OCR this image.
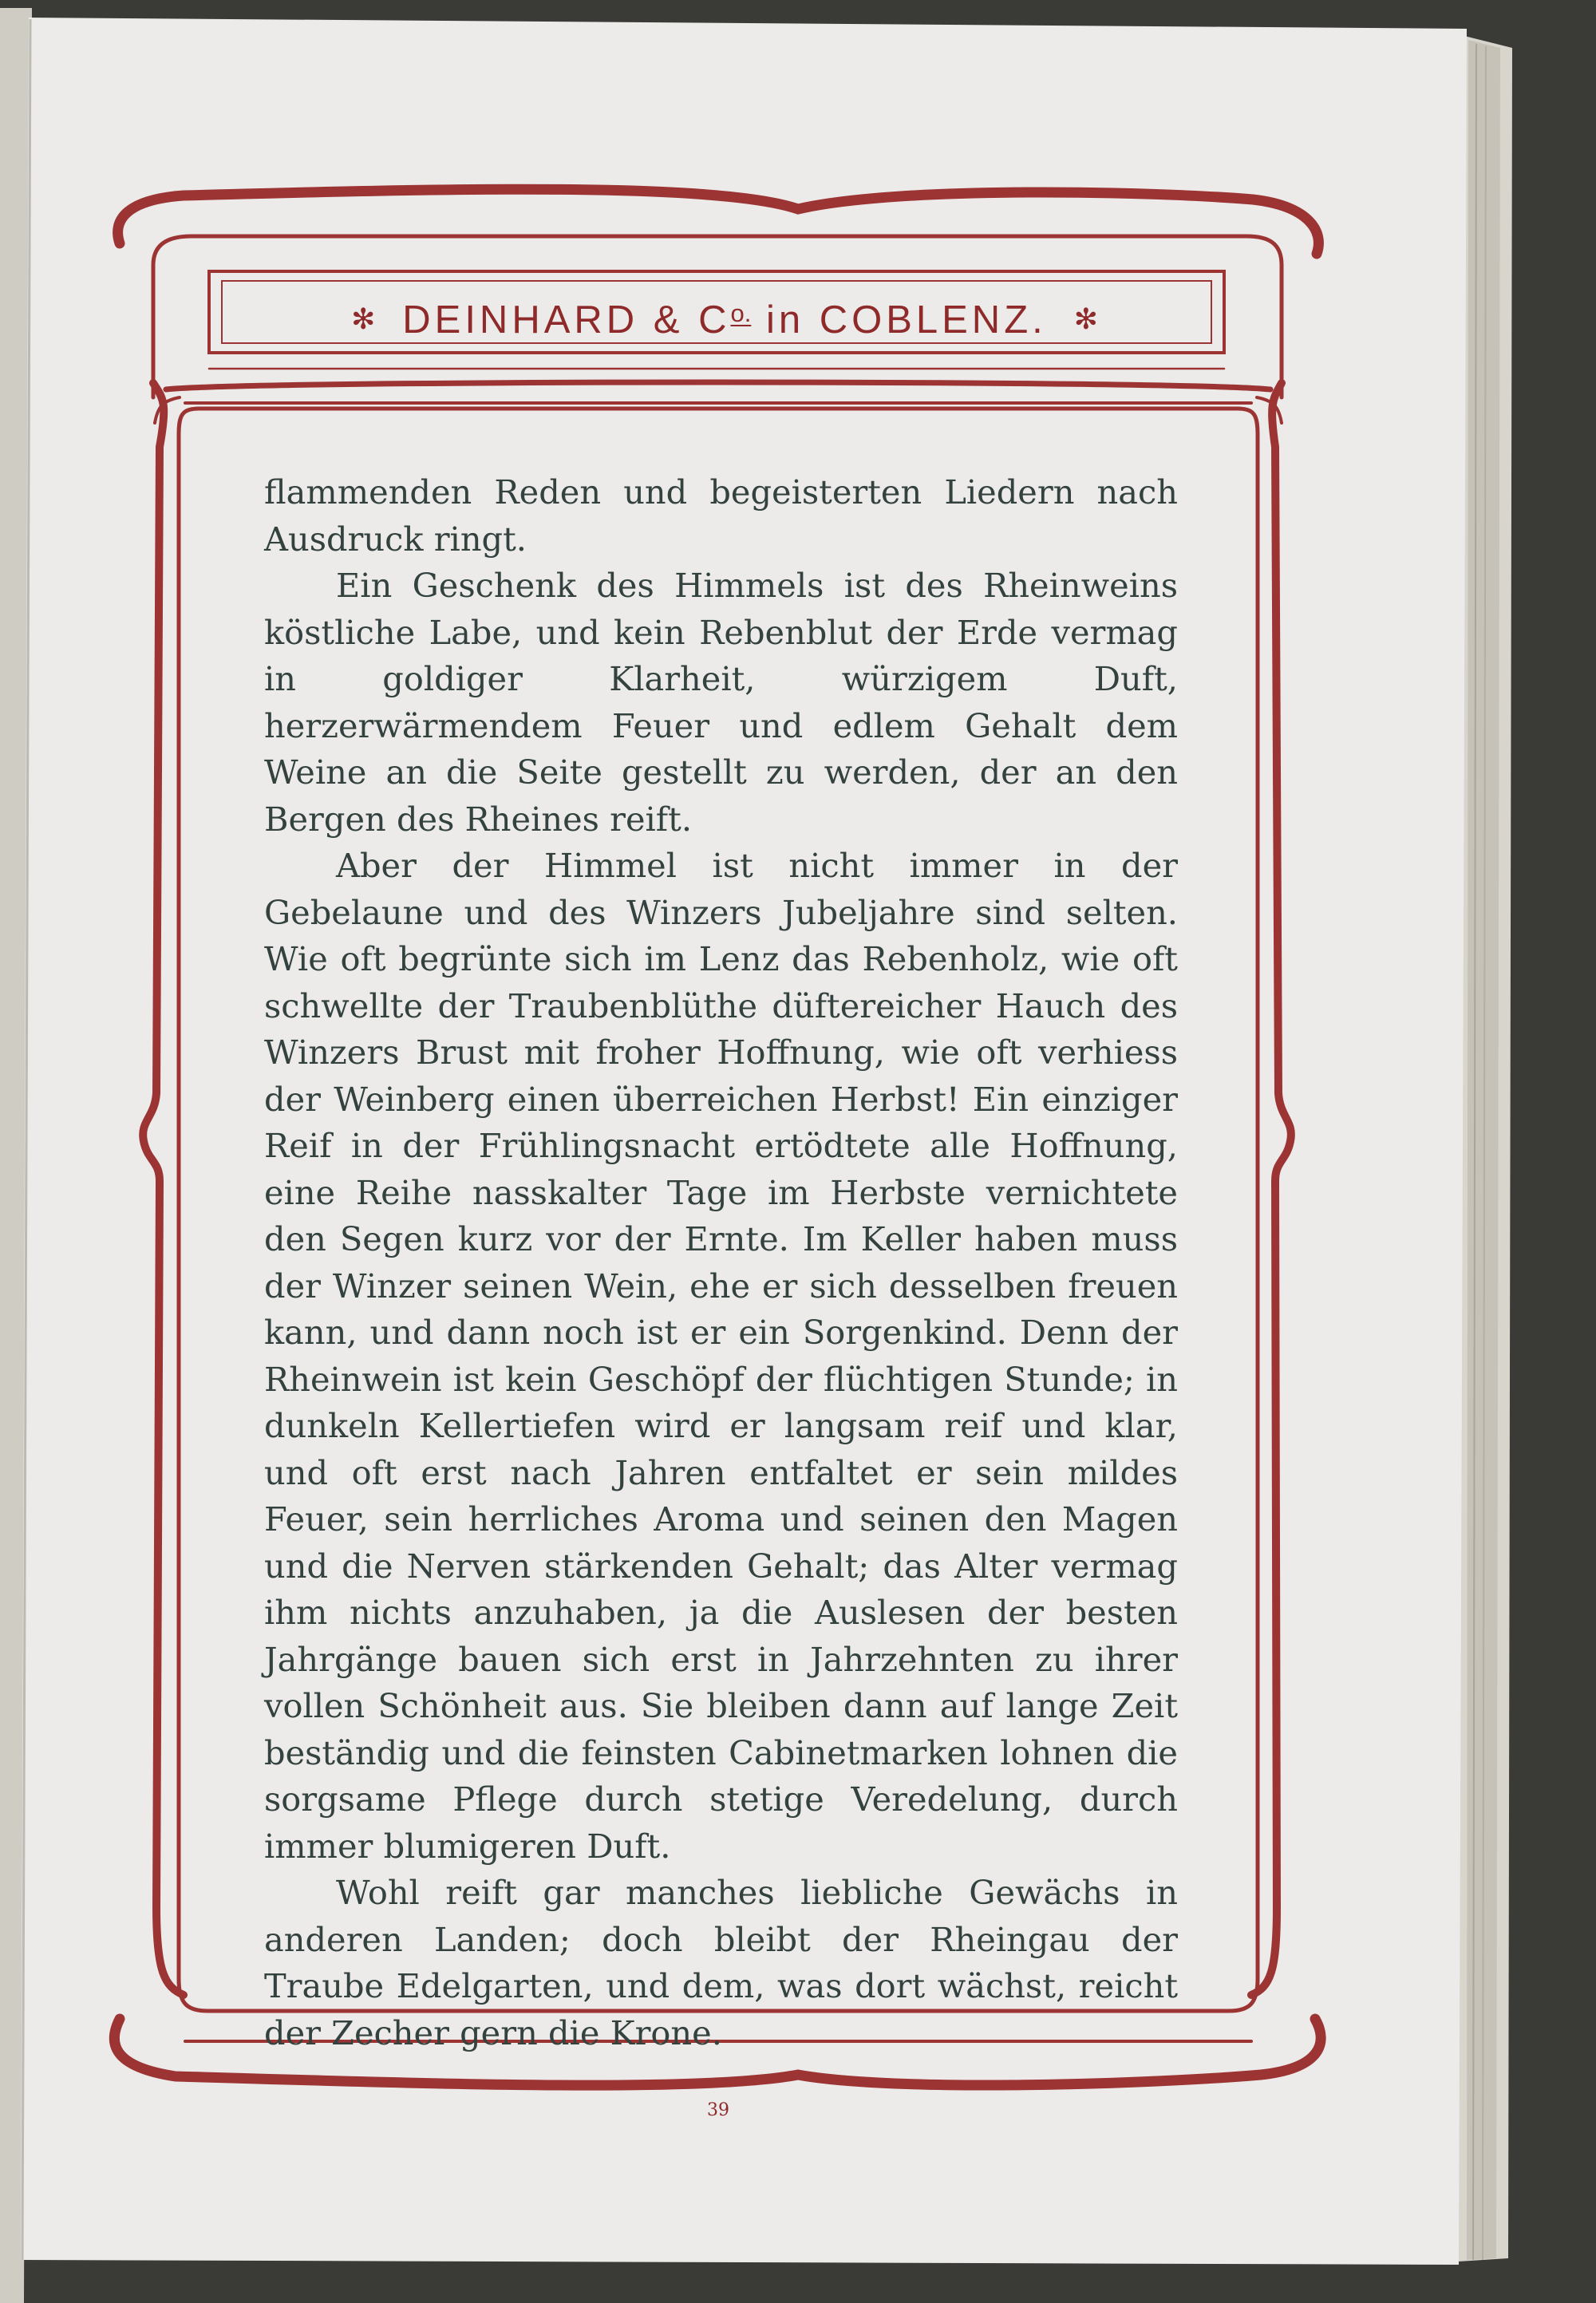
✻ DEINHARD & $C^{o.}$ in COBLENZ. ✻

flammenden Reden und begeisterten Liedern nach Ausdruck ringt.

Ein Geschenk des Himmels ist des Rheinweins köstliche Labe, und kein Rebenblut der Erde vermag in goldiger Klarheit, würzigem Duft, herzerwärmendem Feuer und edlem Gehalt dem Weine an die Seite gestellt zu werden, der an den Bergen des Rheines reift.

Aber der Himmel ist nicht immer in der Gebelaune und des Winzers Jubeljahre sind selten. Wie oft begrünte sich im Lenz das Rebenholz, wie oft schwellte der Traubenblüthe düftereicher Hauch des Winzers Brust mit froher Hoffnung, wie oft verhiess der Weinberg einen überreichen Herbst! Ein einziger Reif in der Frühlingsnacht ertödtete alle Hoffnung, eine Reihe nasskalter Tage im Herbste vernichtete den Segen kurz vor der Ernte. Im Keller haben muss der Winzer seinen Wein, ehe er sich desselben freuen kann, und dann noch ist er ein Sorgenkind. Denn der Rheinwein ist kein Geschöpf der flüchtigen Stunde; in dunkeln Kellertiefen wird er langsam reif und klar, und oft erst nach Jahren entfaltet er sein mildes Feuer, sein herrliches Aroma und seinen den Magen und die Nerven stärkenden Gehalt; das Alter vermag ihm nichts anzuhaben, ja die Auslesen der besten Jahrgänge bauen sich erst in Jahrzehnten zu ihrer vollen Schönheit aus. Sie bleiben dann auf lange Zeit beständig und die feinsten Cabinetmarken lohnen die sorgsame Pflege durch stetige Veredelung, durch immer blumigeren Duft.

Wohl reift gar manches liebliche Gewächs in anderen Landen; doch bleibt der Rheingau der Traube Edelgarten, und dem, was dort wächst, reicht der Zecher gern die Krone.

39
